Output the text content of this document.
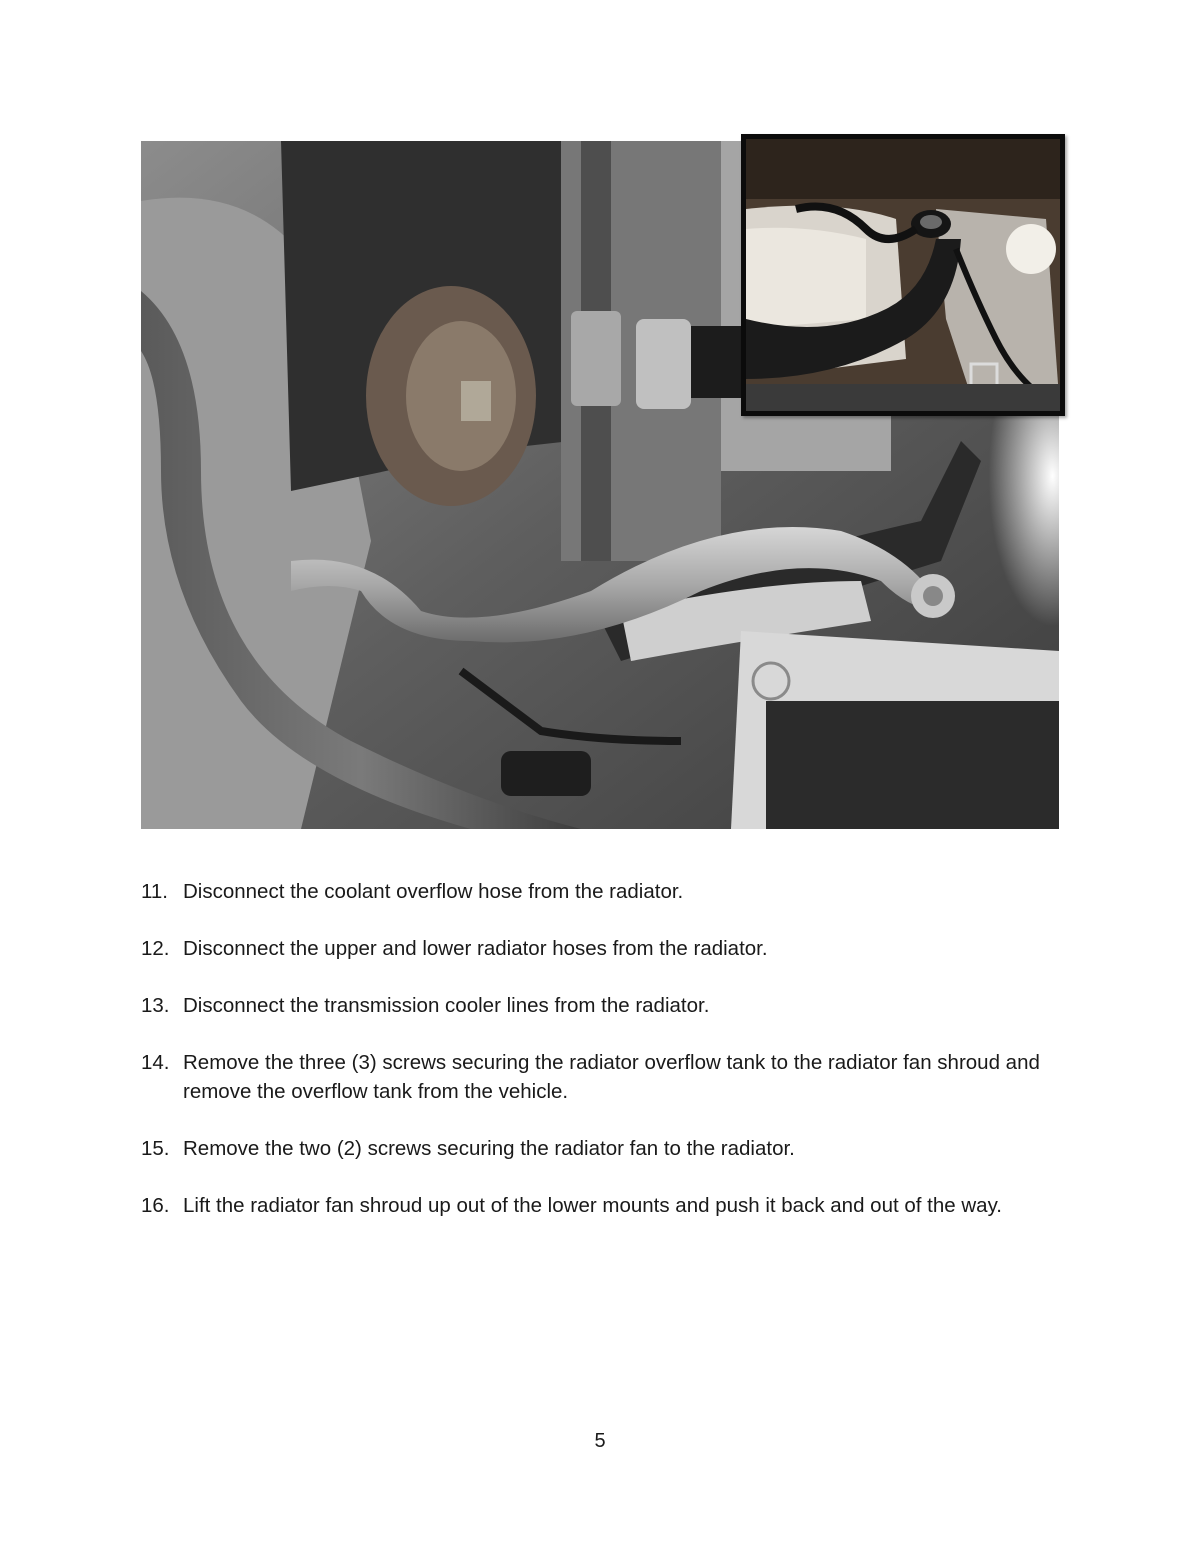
11. Disconnect the coolant overflow hose from the radiator.
12. Disconnect the upper and lower radiator hoses from the radiator.
13. Disconnect the transmission cooler lines from the radiator.
14. Remove the three (3) screws securing the radiator overflow tank to the radiator fan shroud and remove the overflow tank from the vehicle.
15. Remove the two (2) screws securing the radiator fan to the radiator.
16. Lift the radiator fan shroud up out of the lower mounts and push it back and out of the way.
5
